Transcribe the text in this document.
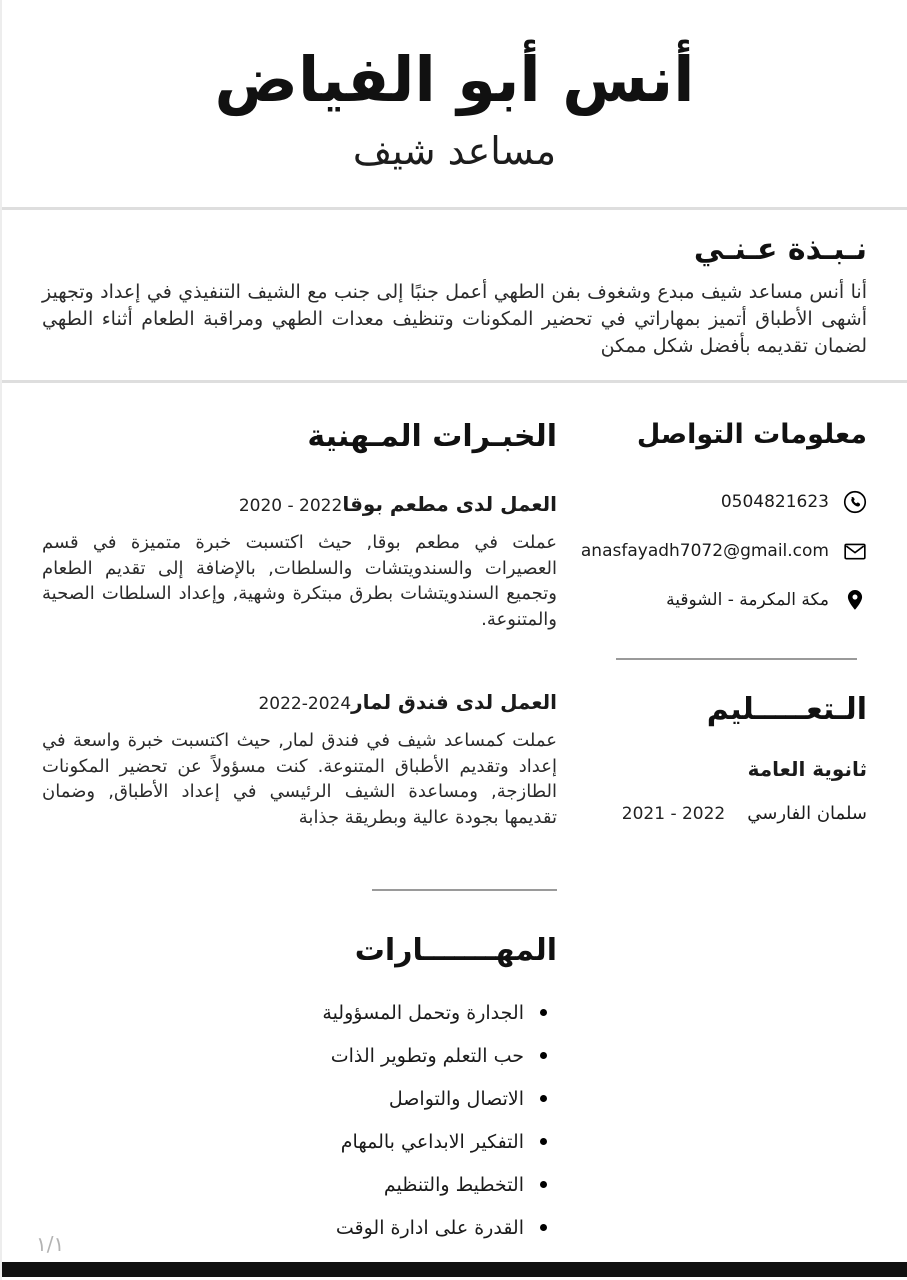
أنس أبو الفياض
مساعد شيف
نـبـذة عـنـي

أنا أنس مساعد شيف مبدع وشغوف بفن الطهي أعمل جنبًا إلى جنب مع الشيف التنفيذي في إعداد وتجهيز أشهى الأطباق أتميز بمهاراتي في تحضير المكونات وتنظيف معدات الطهي ومراقبة الطعام أثناء الطهي لضمان تقديمه بأفضل شكل ممكن

معلومات التواصل
0504821623
anasfayadh7072@gmail.com
مكة المكرمة - الشوقية
الـتعـــــليم
ثانوية العامة
سلمان الفارسي
2021 - 2022
الخبـرات المـهنية
العمل لدى مطعم بوقا
2020 - 2022

عملت في مطعم بوقا, حيث اكتسبت خبرة متميزة في قسم العصيرات والسندويتشات والسلطات, بالإضافة إلى تقديم الطعام وتجميع السندويتشات بطرق مبتكرة وشهية, وإعداد السلطات الصحية والمتنوعة.

العمل لدى فندق لمار
2022-2024

عملت كمساعد شيف في فندق لمار, حيث اكتسبت خبرة واسعة في إعداد وتقديم الأطباق المتنوعة. كنت مسؤولاً عن تحضير المكونات الطازجة, ومساعدة الشيف الرئيسي في إعداد الأطباق, وضمان تقديمها بجودة عالية وبطريقة جذابة

المهـــــــارات
الجدارة وتحمل المسؤولية
حب التعلم وتطوير الذات
الاتصال والتواصل
التفكير الابداعي بالمهام
التخطيط والتنظيم
القدرة على ادارة الوقت
١/١
